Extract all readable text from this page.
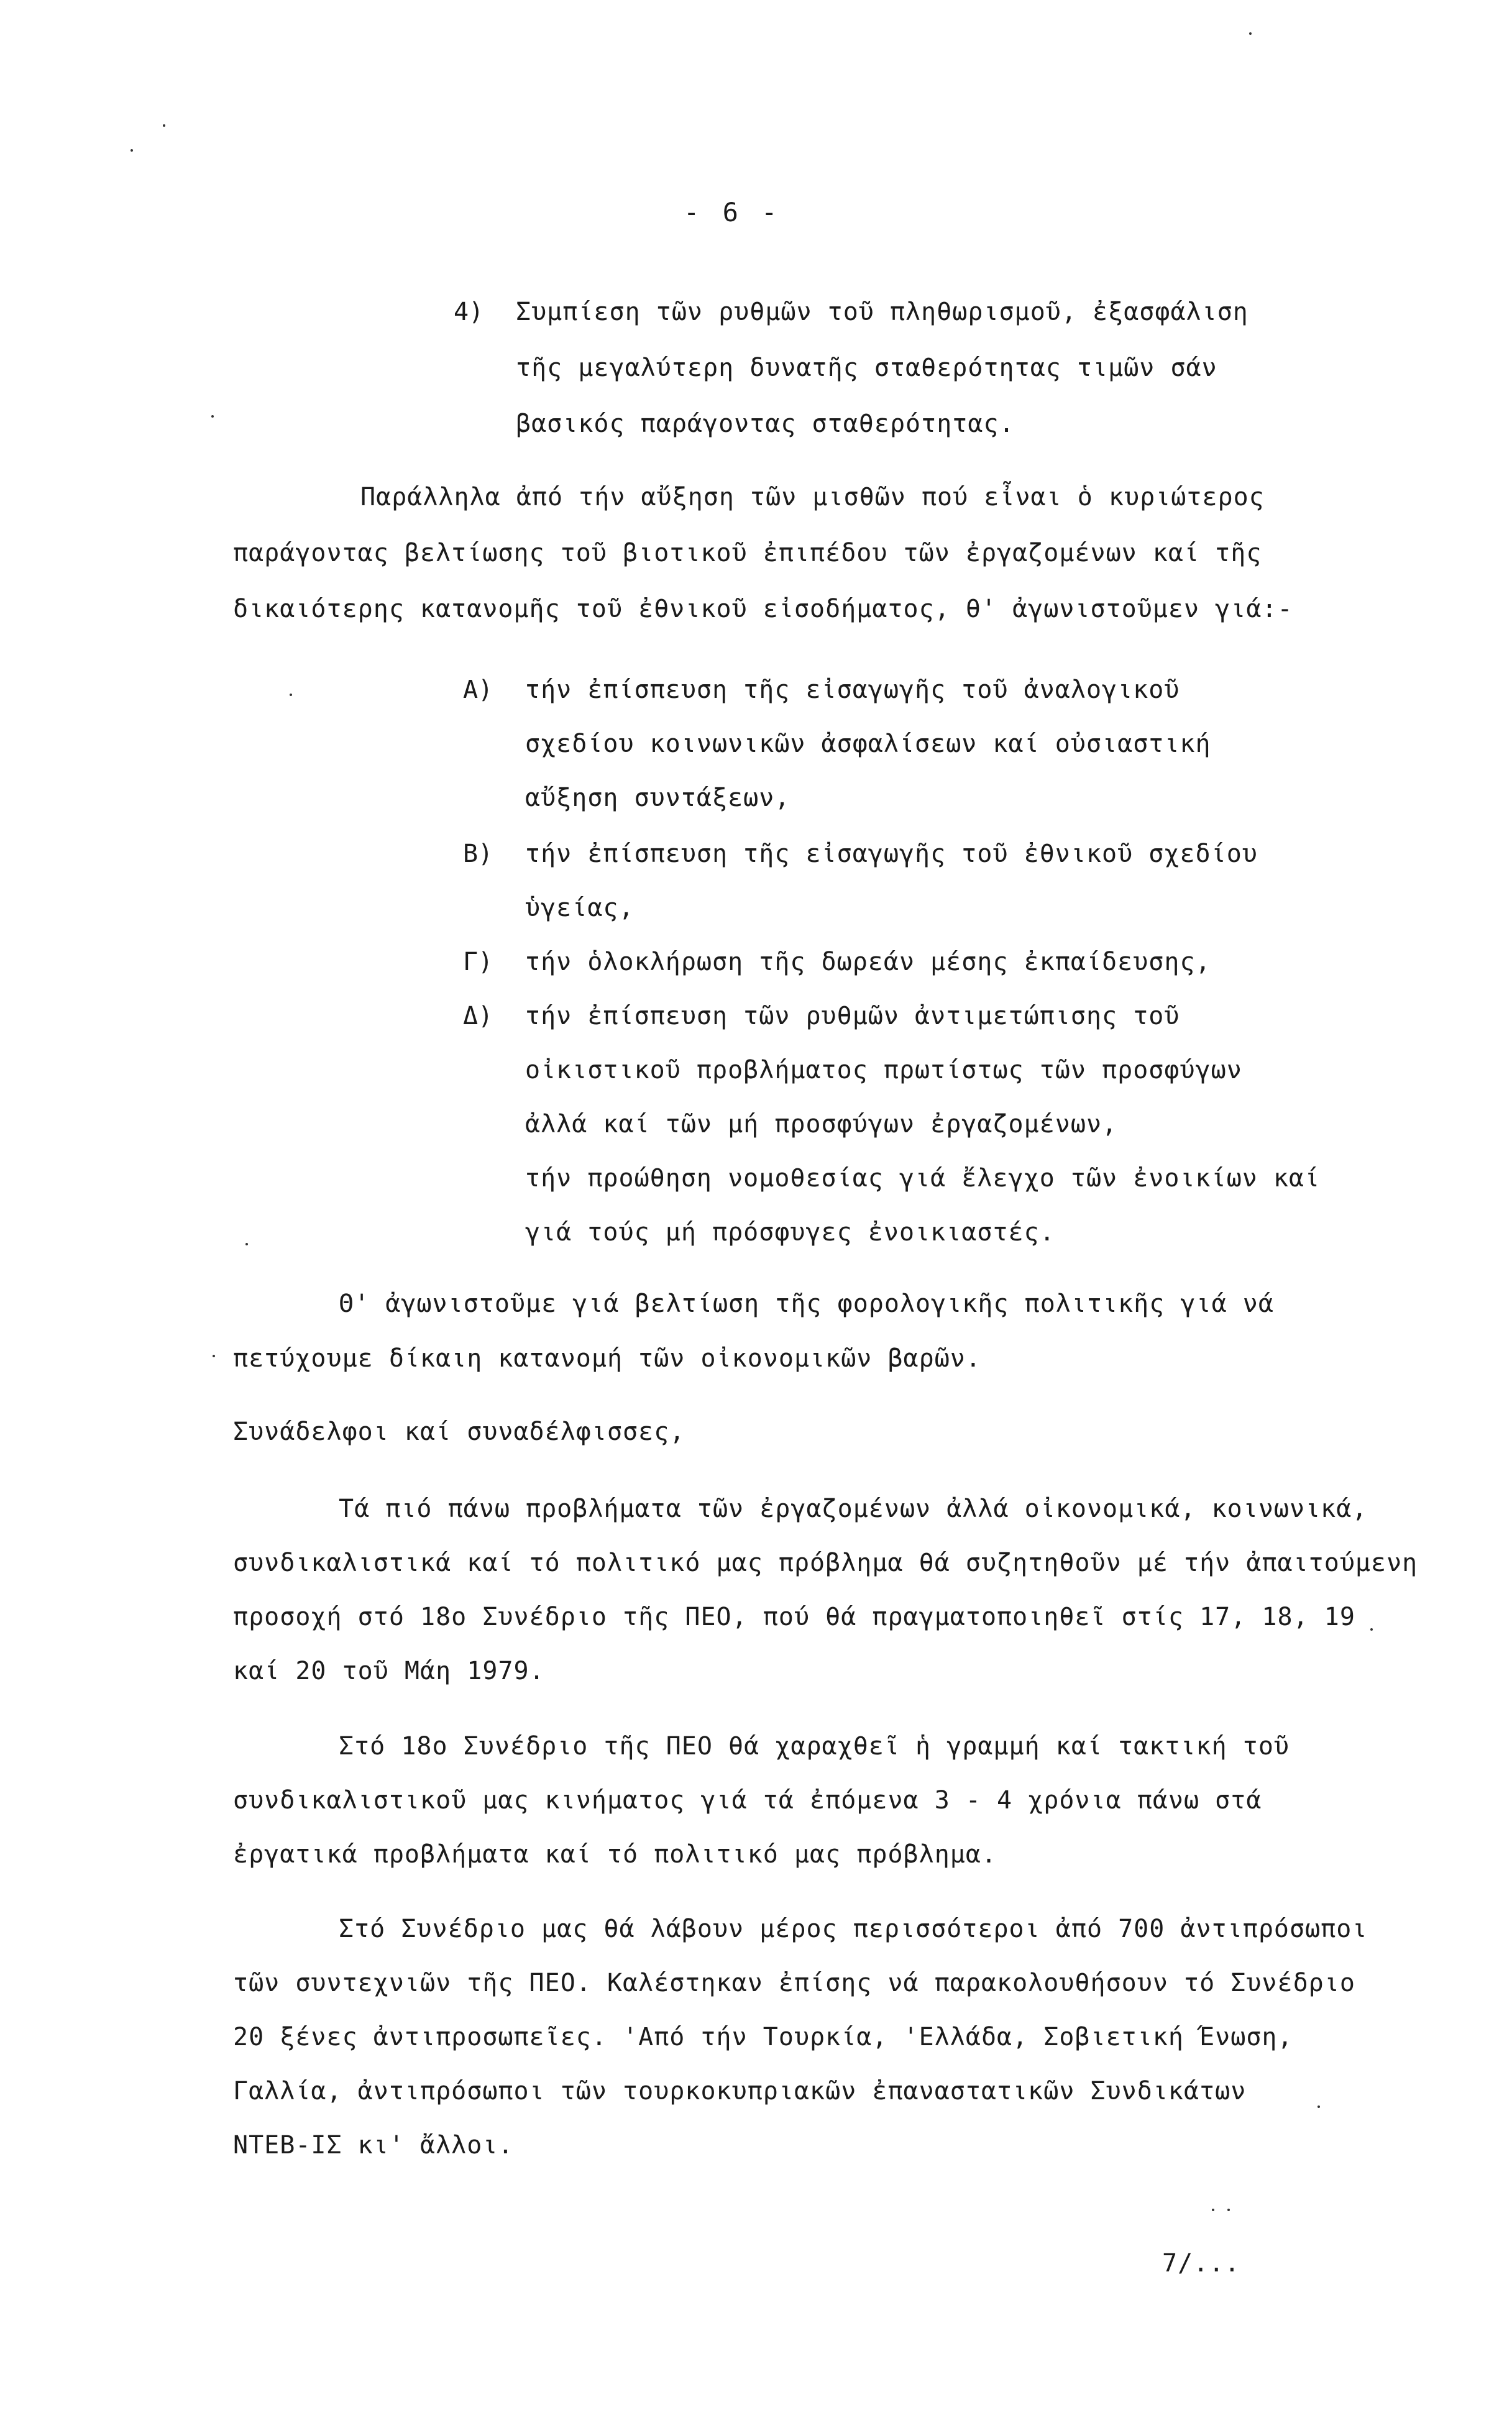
- 6 -
4) Συμπίεση τῶν ρυθμῶν τοῦ πληθωρισμοῦ, ἐξασφάλιση
τῆς μεγαλύτερη δυνατῆς σταθερότητας τιμῶν σάν
βασικός παράγοντας σταθερότητας.
Παράλληλα ἀπό τήν αὔξηση τῶν μισθῶν πού εἶναι ὁ κυριώτερος
παράγοντας βελτίωσης τοῦ βιοτικοῦ ἐπιπέδου τῶν ἐργαζομένων καί τῆς
δικαιότερης κατανομῆς τοῦ ἐθνικοῦ εἰσοδήματος, θ' ἀγωνιστοῦμεν γιά:-
Α) τήν ἐπίσπευση τῆς εἰσαγωγῆς τοῦ ἀναλογικοῦ
σχεδίου κοινωνικῶν ἀσφαλίσεων καί οὐσιαστική
αὔξηση συντάξεων,
Β) τήν ἐπίσπευση τῆς εἰσαγωγῆς τοῦ ἐθνικοῦ σχεδίου
ὑγείας,
Γ) τήν ὁλοκλήρωση τῆς δωρεάν μέσης ἐκπαίδευσης,
Δ) τήν ἐπίσπευση τῶν ρυθμῶν ἀντιμετώπισης τοῦ
οἰκιστικοῦ προβλήματος πρωτίστως τῶν προσφύγων
ἀλλά καί τῶν μή προσφύγων ἐργαζομένων,
τήν προώθηση νομοθεσίας γιά ἔλεγχο τῶν ἐνοικίων καί
γιά τούς μή πρόσφυγες ἐνοικιαστές.
Θ' ἀγωνιστοῦμε γιά βελτίωση τῆς φορολογικῆς πολιτικῆς γιά νά
πετύχουμε δίκαιη κατανομή τῶν οἰκονομικῶν βαρῶν.
Συνάδελφοι καί συναδέλφισσες,
Τά πιό πάνω προβλήματα τῶν ἐργαζομένων ἀλλά οἰκονομικά, κοινωνικά,
συνδικαλιστικά καί τό πολιτικό μας πρόβλημα θά συζητηθοῦν μέ τήν ἀπαιτούμενη
προσοχή στό 18ο Συνέδριο τῆς ΠΕΟ, πού θά πραγματοποιηθεῖ στίς 17, 18, 19
καί 20 τοῦ Μάη 1979.
Στό 18ο Συνέδριο τῆς ΠΕΟ θά χαραχθεῖ ἡ γραμμή καί τακτική τοῦ
συνδικαλιστικοῦ μας κινήματος γιά τά ἐπόμενα 3 - 4 χρόνια πάνω στά
ἐργατικά προβλήματα καί τό πολιτικό μας πρόβλημα.
Στό Συνέδριο μας θά λάβουν μέρος περισσότεροι ἀπό 700 ἀντιπρόσωποι
τῶν συντεχνιῶν τῆς ΠΕΟ. Καλέστηκαν ἐπίσης νά παρακολουθήσουν τό Συνέδριο
20 ξένες ἀντιπροσωπεῖες. 'Από τήν Τουρκία, 'Ελλάδα, Σοβιετική Ένωση,
Γαλλία, ἀντιπρόσωποι τῶν τουρκοκυπριακῶν ἐπαναστατικῶν Συνδικάτων
ΝΤΕΒ-ΙΣ κι' ἄλλοι.
7/...
